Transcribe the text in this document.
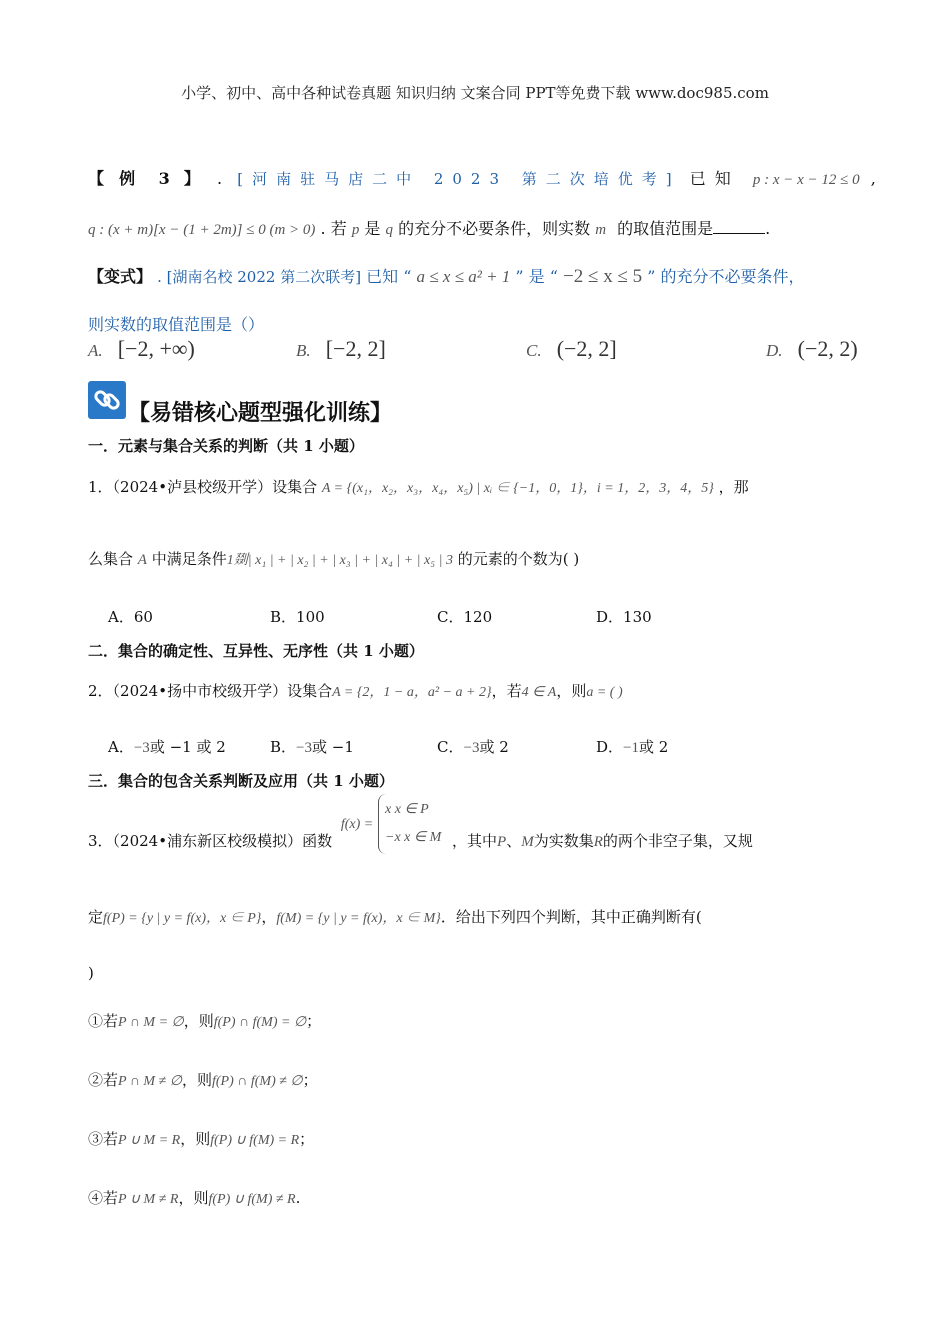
小学、初中、高中各种试卷真题 知识归纳 文案合同 PPT等免费下载 www.doc985.com
【 例 3 】 . [河南驻马店二中 2023 第二次培优考] 已知 p : x − x − 12 ≤ 0 ,
q : (x + m)[x − (1 + 2m)] ≤ 0 (m > 0) . 若 p 是 q 的充分不必要条件，则实数 m 的取值范围是	.
【变式】 . [湖南名校 2022 第二次联考] 已知 “ a ≤ x ≤ a² + 1 ” 是 “ −2 ≤ x ≤ 5 ” 的充分不必要条件，
则实数的取值范围是（）
A. [−2, +∞)	B. [−2, 2]	C. (−2, 2]	D. (−2, 2)
【易错核心题型强化训练】
一．元素与集合关系的判断（共 1 小题）
1．（2024•泸县校级开学）设集合 A = {(x₁，x₂，x₃，x₄，x₅) | xᵢ ∈ {−1，0，1}，i = 1，2，3，4，5} ，那
么集合 A 中满足条件1剟| x₁ | + | x₂ | + | x₃ | + | x₄ | + | x₅ | 3 的元素的个数为( )
A．60	B．100	C．120	D．130
二．集合的确定性、互异性、无序性（共 1 小题）
2．（2024•扬中市校级开学）设集合A = {2，1 − a，a² − a + 2}，若4 ∈ A，则a = ( )
A．−3或 −1 或 2	B．−3或 −1	C．−3或 2	D．−1或 2
三．集合的包含关系判断及应用（共 1 小题）
3．（2024•浦东新区校级模拟）函数 f(x) =
x x ∈ P
−x x ∈ M ，其中P、M为实数集R的两个非空子集，又规
定f(P) = {y | y = f(x)，x ∈ P}，f(M) = {y | y = f(x)，x ∈ M}．给出下列四个判断，其中正确判断有(
)
①若P ∩ M = ∅，则f(P) ∩ f(M) = ∅；
②若P ∩ M ≠ ∅，则f(P) ∩ f(M) ≠ ∅；
③若P ∪ M = R，则f(P) ∪ f(M) = R；
④若P ∪ M ≠ R，则f(P) ∪ f(M) ≠ R.
